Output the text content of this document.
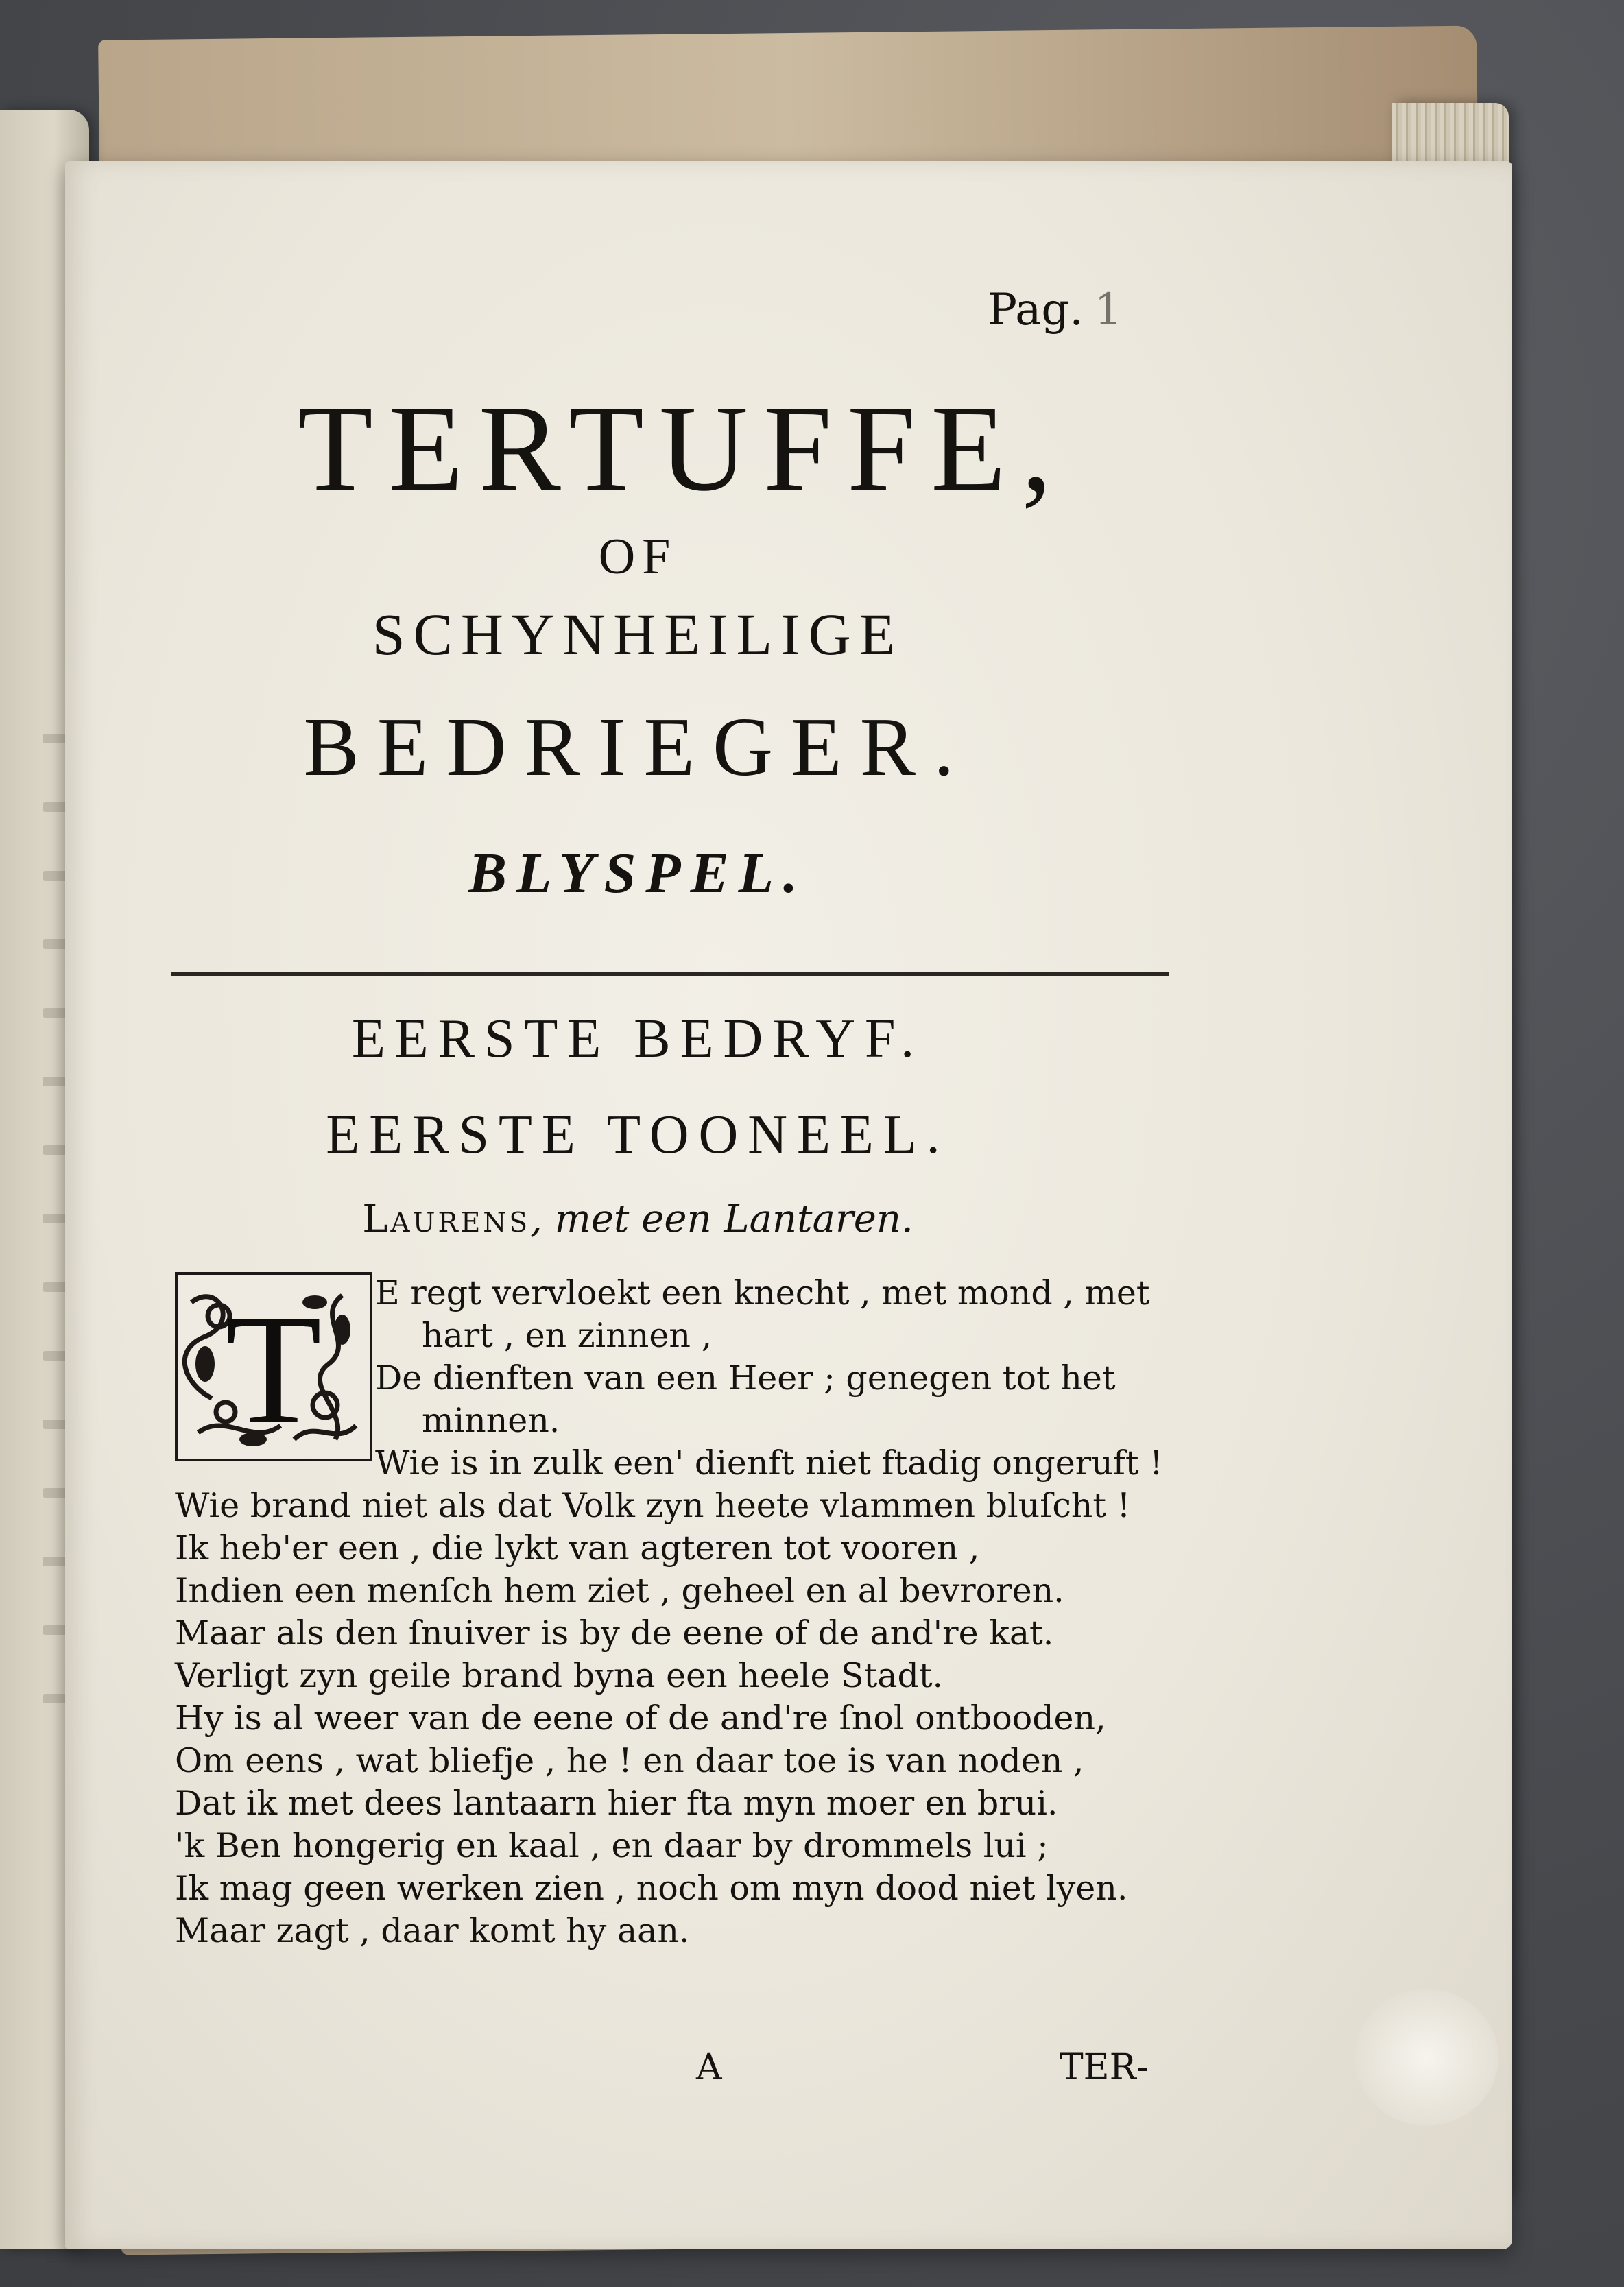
Pag. 1

TERTUFFE,

OF

SCHYNHEILIGE

BEDRIEGER.

BLYSPEL.

EERSTE BEDRYF.

EERSTE TOONEEL.

Laurens, met een Lantaren.

T E regt vervloekt een knecht , met mond , met

hart , en zinnen ,

De dienften van een Heer ; genegen tot het

minnen.

Wie is in zulk een' dienft niet ftadig ongeruft !

Wie brand niet als dat Volk zyn heete vlammen bluſcht !

Ik heb'er een , die lykt van agteren tot vooren ,

Indien een menſch hem ziet , geheel en al bevroren.

Maar als den ſnuiver is by de eene of de and're kat.

Verligt zyn geile brand byna een heele Stadt.

Hy is al weer van de eene of de and're ſnol ontbooden,

Om eens , wat bliefje , he ! en daar toe is van noden ,

Dat ik met dees lantaarn hier fta myn moer en brui.

'k Ben hongerig en kaal , en daar by drommels lui ;

Ik mag geen werken zien , noch om myn dood niet lyen.

Maar zagt , daar komt hy aan.

A	TER-
